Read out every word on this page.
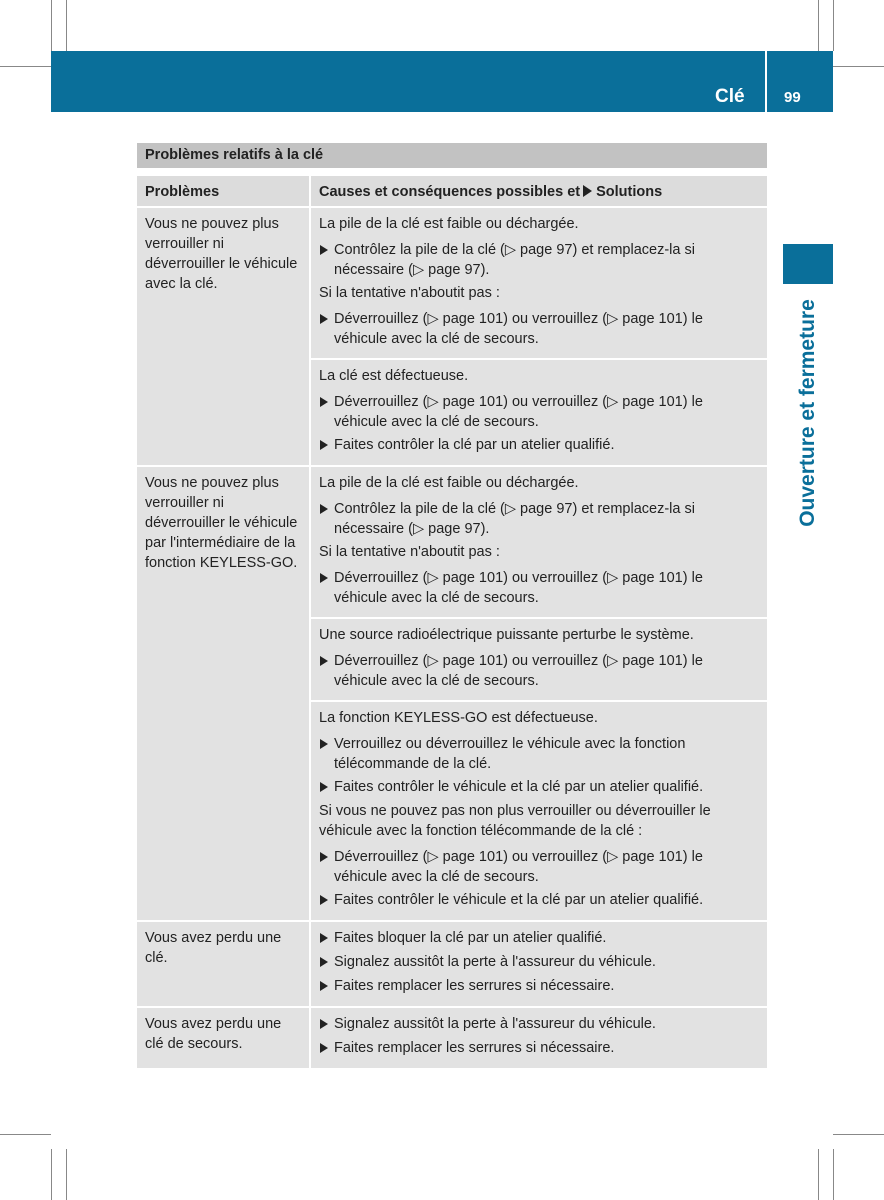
Clé	99
Ouverture et fermeture
Problèmes relatifs à la clé
Problèmes	Causes et conséquences possibles et Solutions
Vous ne pouvez plus verrouiller ni déverrouiller le véhicule avec la clé.
La pile de la clé est faible ou déchargée.
Contrôlez la pile de la clé (▷ page 97) et remplacez-la si nécessaire (▷ page 97).
Si la tentative n'aboutit pas :
Déverrouillez (▷ page 101) ou verrouillez (▷ page 101) le véhicule avec la clé de secours.
La clé est défectueuse.
Déverrouillez (▷ page 101) ou verrouillez (▷ page 101) le véhicule avec la clé de secours.
Faites contrôler la clé par un atelier qualifié.
Vous ne pouvez plus verrouiller ni déverrouiller le véhicule par l'intermédiaire de la fonction KEYLESS-GO.
La pile de la clé est faible ou déchargée.
Contrôlez la pile de la clé (▷ page 97) et remplacez-la si nécessaire (▷ page 97).
Si la tentative n'aboutit pas :
Déverrouillez (▷ page 101) ou verrouillez (▷ page 101) le véhicule avec la clé de secours.
Une source radioélectrique puissante perturbe le système.
Déverrouillez (▷ page 101) ou verrouillez (▷ page 101) le véhicule avec la clé de secours.
La fonction KEYLESS-GO est défectueuse.
Verrouillez ou déverrouillez le véhicule avec la fonction télécommande de la clé.
Faites contrôler le véhicule et la clé par un atelier qualifié.
Si vous ne pouvez pas non plus verrouiller ou déverrouiller le véhicule avec la fonction télécommande de la clé :
Déverrouillez (▷ page 101) ou verrouillez (▷ page 101) le véhicule avec la clé de secours.
Faites contrôler le véhicule et la clé par un atelier qualifié.
Vous avez perdu une clé.
Faites bloquer la clé par un atelier qualifié.
Signalez aussitôt la perte à l'assureur du véhicule.
Faites remplacer les serrures si nécessaire.
Vous avez perdu une clé de secours.
Signalez aussitôt la perte à l'assureur du véhicule.
Faites remplacer les serrures si nécessaire.
